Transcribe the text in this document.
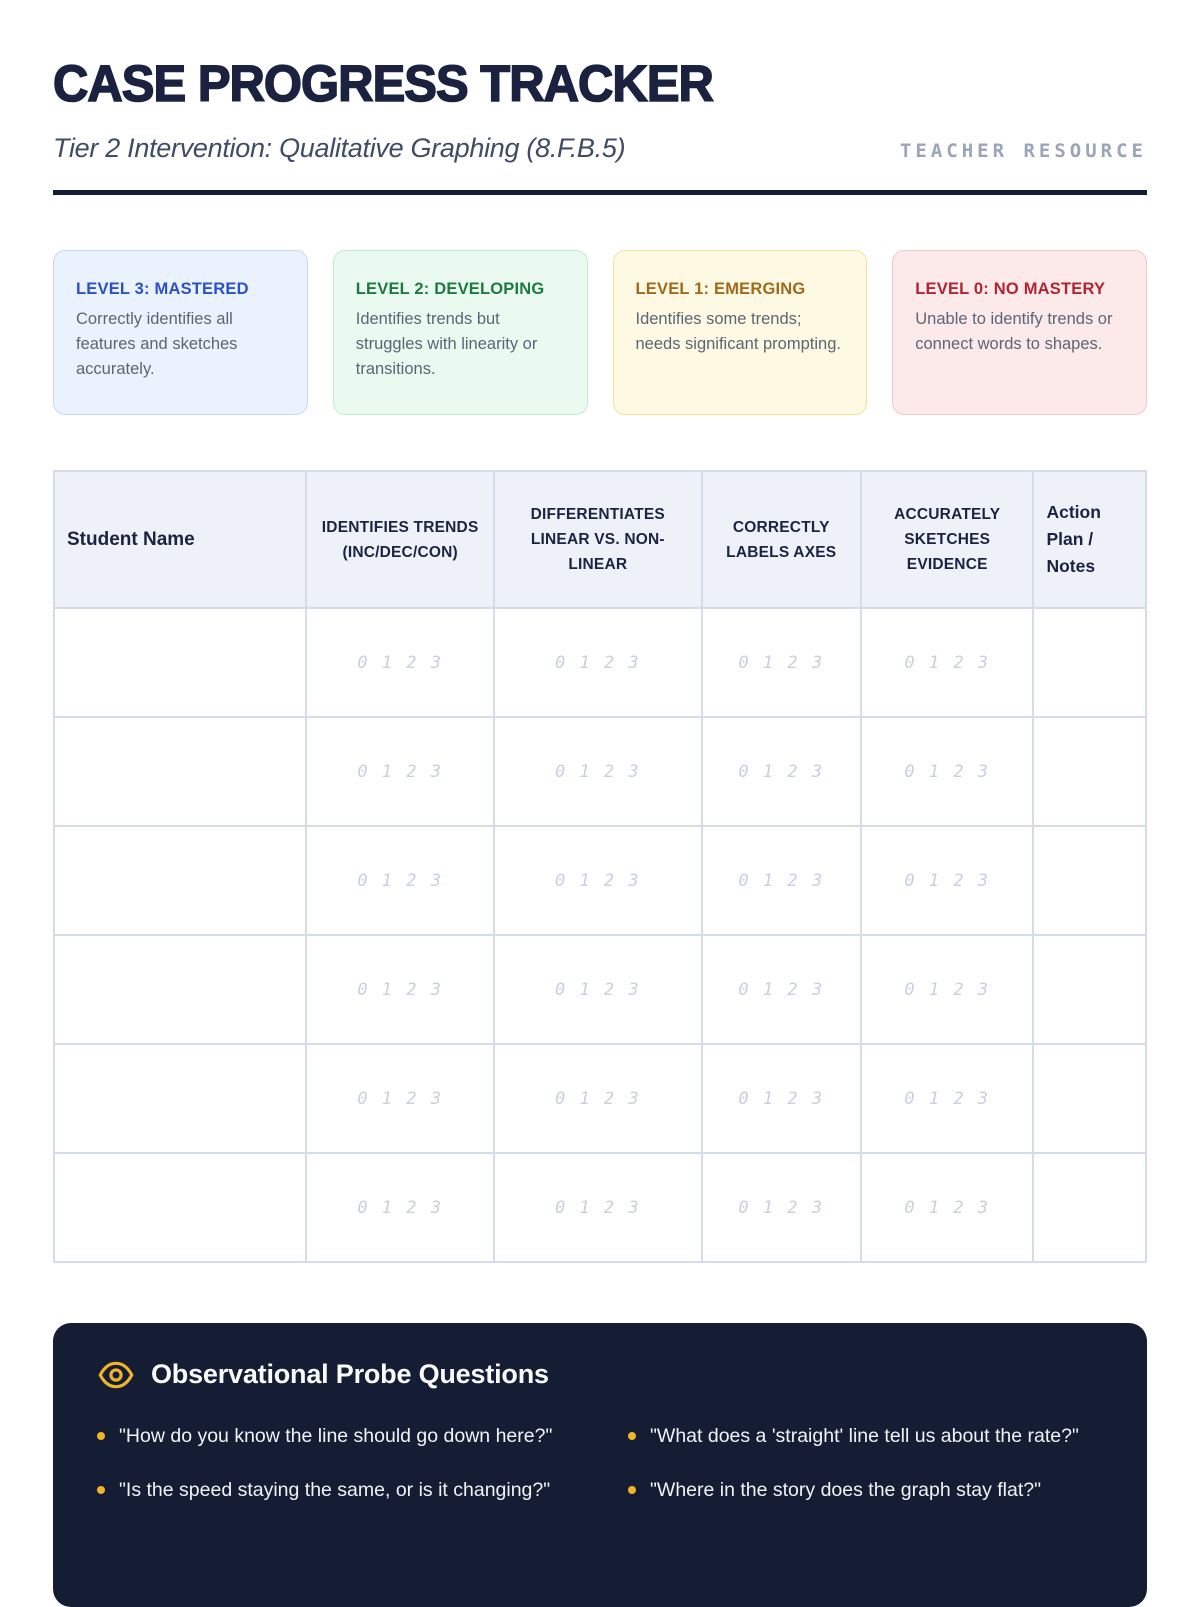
CASE PROGRESS TRACKER
Tier 2 Intervention: Qualitative Graphing (8.F.B.5)	TEACHER RESOURCE
LEVEL 3: MASTERED

Correctly identifies all features and sketches accurately.

LEVEL 2: DEVELOPING

Identifies trends but struggles with linearity or transitions.

LEVEL 1: EMERGING

Identifies some trends; needs significant prompting.

LEVEL 0: NO MASTERY

Unable to identify trends or connect words to shapes.

Student Name	IDENTIFIES TRENDS (INC/DEC/CON)	DIFFERENTIATES LINEAR VS. NON-LINEAR	CORRECTLY LABELS AXES	ACCURATELY SKETCHES EVIDENCE	Action Plan / Notes
	0 1 2 3	0 1 2 3	0 1 2 3	0 1 2 3	
	0 1 2 3	0 1 2 3	0 1 2 3	0 1 2 3	
	0 1 2 3	0 1 2 3	0 1 2 3	0 1 2 3	
	0 1 2 3	0 1 2 3	0 1 2 3	0 1 2 3	
	0 1 2 3	0 1 2 3	0 1 2 3	0 1 2 3	
	0 1 2 3	0 1 2 3	0 1 2 3	0 1 2 3	
Observational Probe Questions
"How do you know the line should go down here?"	"What does a 'straight' line tell us about the rate?"
"Is the speed staying the same, or is it changing?"	"Where in the story does the graph stay flat?"
